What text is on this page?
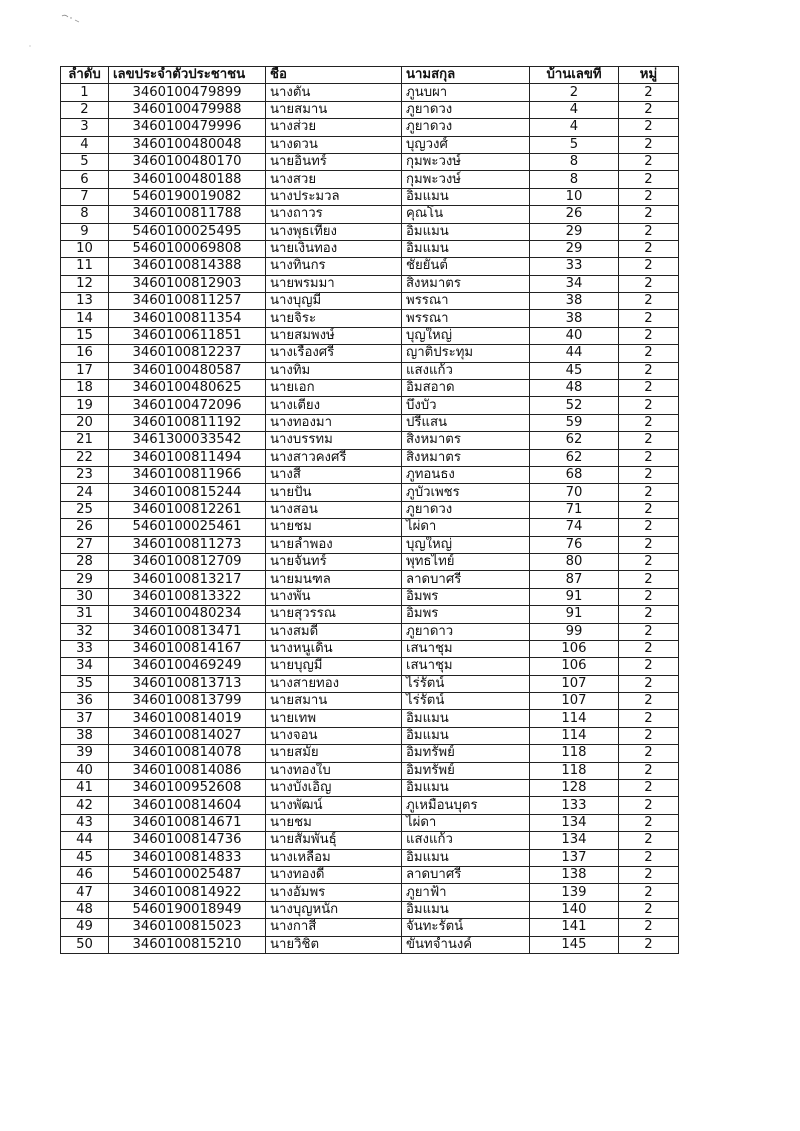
ลำดับ	เลขประจำตัวประชาชน	ชื่อ	นามสกุล	บ้านเลขที่	หมู่
1	3460100479899	นางตัน	ภูนบผา	2	2
2	3460100479988	นายสมาน	ภูยาดวง	4	2
3	3460100479996	นางส่วย	ภูยาดวง	4	2
4	3460100480048	นางดวน	บุญวงศ์	5	2
5	3460100480170	นายอินทร์	กุมพะวงษ์	8	2
6	3460100480188	นางสวย	กุมพะวงษ์	8	2
7	5460190019082	นางประมวล	อิ่มแมน	10	2
8	3460100811788	นางถาวร	คุณโน	26	2
9	5460100025495	นางพุธเที่ยง	อิ่มแมน	29	2
10	5460100069808	นายเงินทอง	อิ่มแมน	29	2
11	3460100814388	นางทินกร	ชัยยันต์	33	2
12	3460100812903	นายพรมมา	สิงหมาตร	34	2
13	3460100811257	นางบุญมี	พรรณา	38	2
14	3460100811354	นายจิระ	พรรณา	38	2
15	3460100611851	นายสมพงษ์	บุญใหญ่	40	2
16	3460100812237	นางเรืองศรี	ญาติประทุม	44	2
17	3460100480587	นางทิม	แสงแก้ว	45	2
18	3460100480625	นายเอก	อิ่มสอาด	48	2
19	3460100472096	นางเตียง	บึงบัว	52	2
20	3460100811192	นางทองมา	ปรีแสน	59	2
21	3461300033542	นางบรรทม	สิงหมาตร	62	2
22	3460100811494	นางสาวคงศรี	สิงหมาตร	62	2
23	3460100811966	นางสี	ภูทอนธง	68	2
24	3460100815244	นายปั่น	ภูบัวเพชร	70	2
25	3460100812261	นางสอน	ภูยาดวง	71	2
26	5460100025461	นายชม	ไผ่ดา	74	2
27	3460100811273	นายลำพอง	บุญใหญ่	76	2
28	3460100812709	นายจันทร์	พุทธไทย์	80	2
29	3460100813217	นายมนฑล	ลาดบาศรี	87	2
30	3460100813322	นางพัน	อิ่มพร	91	2
31	3460100480234	นายสุวรรณ	อิ่มพร	91	2
32	3460100813471	นางสมดี	ภูยาดาว	99	2
33	3460100814167	นางหนูเดิน	เสนาชุม	106	2
34	3460100469249	นายบุญมี	เสนาชุม	106	2
35	3460100813713	นางสายทอง	ไร่รัตน์	107	2
36	3460100813799	นายสมาน	ไร่รัตน์	107	2
37	3460100814019	นายเทพ	อิ่มแมน	114	2
38	3460100814027	นางจอน	อิ่มแมน	114	2
39	3460100814078	นายสมัย	อิ่มทรัพย์	118	2
40	3460100814086	นางทองใบ	อิ่มทรัพย์	118	2
41	3460100952608	นางบังเอิญ	อิ่มแมน	128	2
42	3460100814604	นางพัฒน์	ภูเหมือนบุตร	133	2
43	3460100814671	นายชม	ไผ่ดา	134	2
44	3460100814736	นายสัมพันธุ์	แสงแก้ว	134	2
45	3460100814833	นางเหลือม	อิ่มแมน	137	2
46	5460100025487	นางทองดี	ลาดบาศรี	138	2
47	3460100814922	นางอัมพร	ภูยาฟ้า	139	2
48	5460190018949	นางบุญหนัก	อิ่มแมน	140	2
49	3460100815023	นางกาสี	จันทะรัตน์	141	2
50	3460100815210	นายวิชิต	ขันทจำนงค์	145	2
